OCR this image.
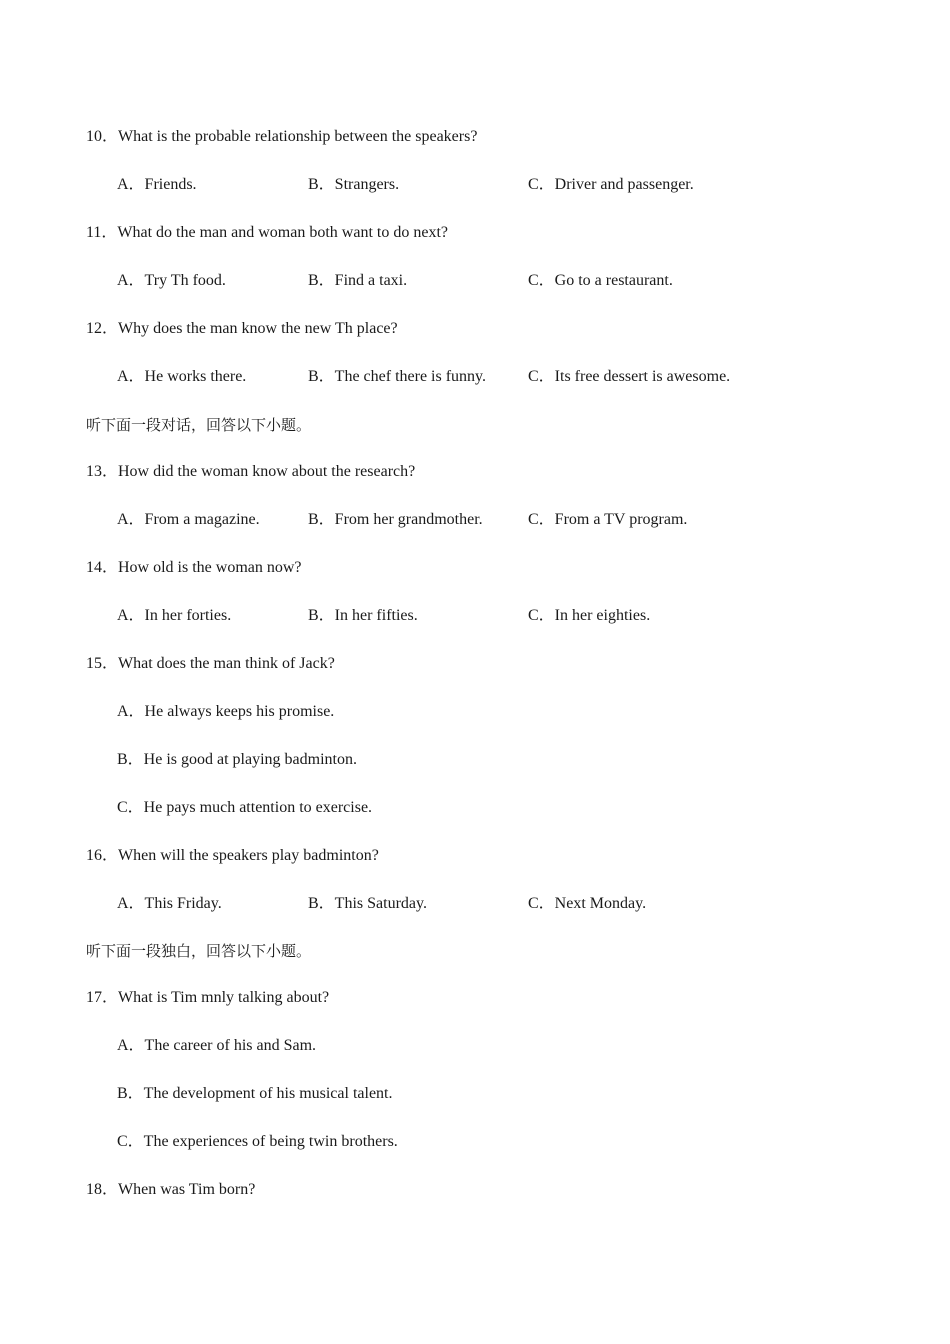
10．What is the probable relationship between the speakers?
A．Friends.	B．Strangers.	C．Driver and passenger.
11．What do the man and woman both want to do next?
A．Try Th food.	B．Find a taxi.	C．Go to a restaurant.
12．Why does the man know the new Th place?
A．He works there.	B．The chef there is funny.	C．Its free dessert is awesome.
听下面一段对话，回答以下小题。
13．How did the woman know about the research?
A．From a magazine.	B．From her grandmother.	C．From a TV program.
14．How old is the woman now?
A．In her forties.	B．In her fifties.	C．In her eighties.
15．What does the man think of Jack?
A．He always keeps his promise.
B．He is good at playing badminton.
C．He pays much attention to exercise.
16．When will the speakers play badminton?
A．This Friday.	B．This Saturday.	C．Next Monday.
听下面一段独白，回答以下小题。
17．What is Tim mnly talking about?
A．The career of his and Sam.
B．The development of his musical talent.
C．The experiences of being twin brothers.
18．When was Tim born?
